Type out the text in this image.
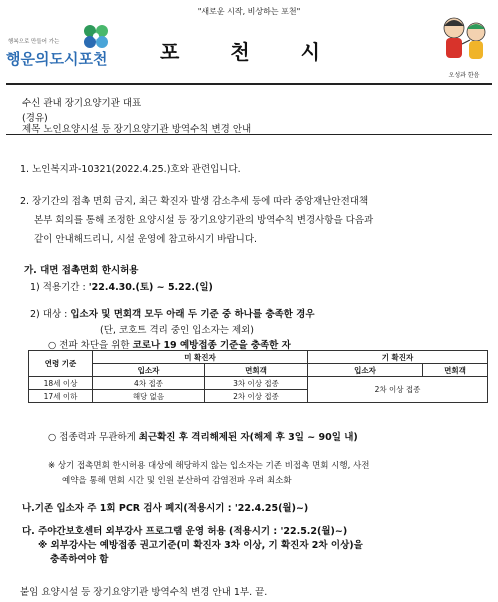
"새로운 시작, 비상하는 포천"
행복으로 만들어 가는
행운의도시포천	포 천 시
오성과 한음
수신 관내 장기요양기관 대표
(경유)
제목 노인요양시설 등 장기요양기관 방역수칙 변경 안내
1. 노인복지과-10321(2022.4.25.)호와 관련입니다.
2. 장기간의 접촉 면회 금지, 최근 확진자 발생 감소추세 등에 따라 중앙재난안전대책
본부 회의를 통해 조정한 요양시설 등 장기요양기관의 방역수칙 변경사항을 다음과
같이 안내해드리니, 시설 운영에 참고하시기 바랍니다.
가. 대면 접촉면회 한시허용
1) 적용기간 : '22.4.30.(토) ~ 5.22.(일)
2) 대상 : 입소자 및 면회객 모두 아래 두 기준 중 하나를 충족한 경우
(단, 코호트 격리 중인 입소자는 제외)
○ 전파 차단을 위한 코로나 19 예방접종 기준을 충족한 자
연령 기준	미 확진자		기 확진자	
	입소자	면회객	입소자	면회객
18세 이상	4차 접종	3차 이상 접종	2차 이상 접종	
17세 이하	해당 없음	2차 이상 접종		
○ 접종력과 무관하게 최근확진 후 격리해제된 자(해제 후 3일 ~ 90일 내)
※ 상기 접촉면회 한시허용 대상에 해당하지 않는 입소자는 기존 비접촉 면회 시행, 사전
예약을 통해 면회 시간 및 인원 분산하여 감염전파 우려 최소화
나.기존 입소자 주 1회 PCR 검사 폐지(적용시기 : '22.4.25(월)~)
다. 주야간보호센터 외부강사 프로그램 운영 허용 (적용시기 : '22.5.2(월)~)
※ 외부강사는 예방접종 권고기준(미 확진자 3차 이상, 기 확진자 2차 이상)을
충족하여야 함
붙임 요양시설 등 장기요양기관 방역수칙 변경 안내 1부. 끝.
